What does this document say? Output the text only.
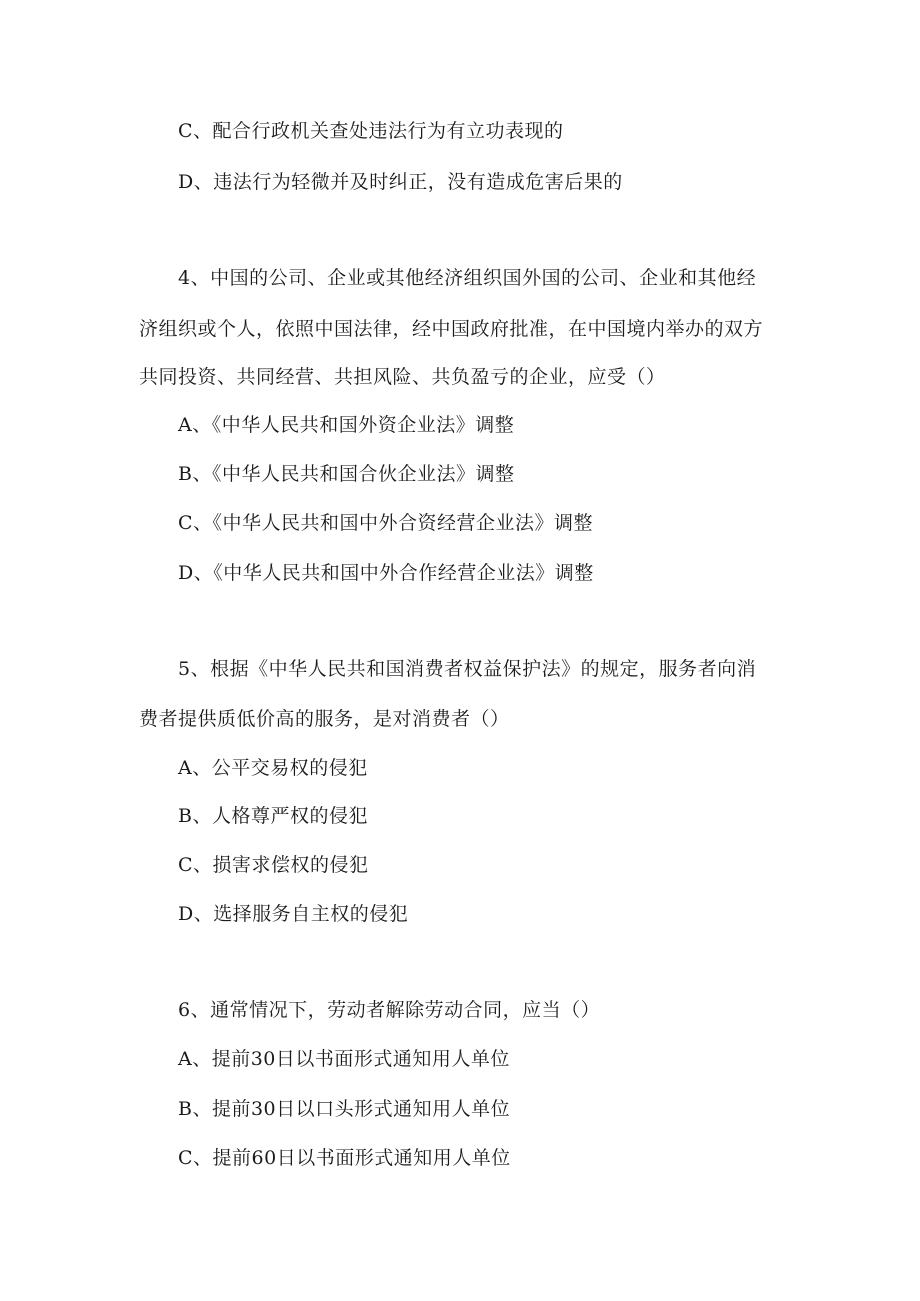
C、配合行政机关查处违法行为有立功表现的
D、违法行为轻微并及时纠正，没有造成危害后果的
4、中国的公司、企业或其他经济组织国外国的公司、企业和其他经
济组织或个人，依照中国法律，经中国政府批准，在中国境内举办的双方
共同投资、共同经营、共担风险、共负盈亏的企业，应受（）
A、《中华人民共和国外资企业法》调整
B、《中华人民共和国合伙企业法》调整
C、《中华人民共和国中外合资经营企业法》调整
D、《中华人民共和国中外合作经营企业法》调整
5、根据《中华人民共和国消费者权益保护法》的规定，服务者向消
费者提供质低价高的服务，是对消费者（）
A、公平交易权的侵犯
B、人格尊严权的侵犯
C、损害求偿权的侵犯
D、选择服务自主权的侵犯
6、通常情况下，劳动者解除劳动合同，应当（）
A、提前30日以书面形式通知用人单位
B、提前30日以口头形式通知用人单位
C、提前60日以书面形式通知用人单位
